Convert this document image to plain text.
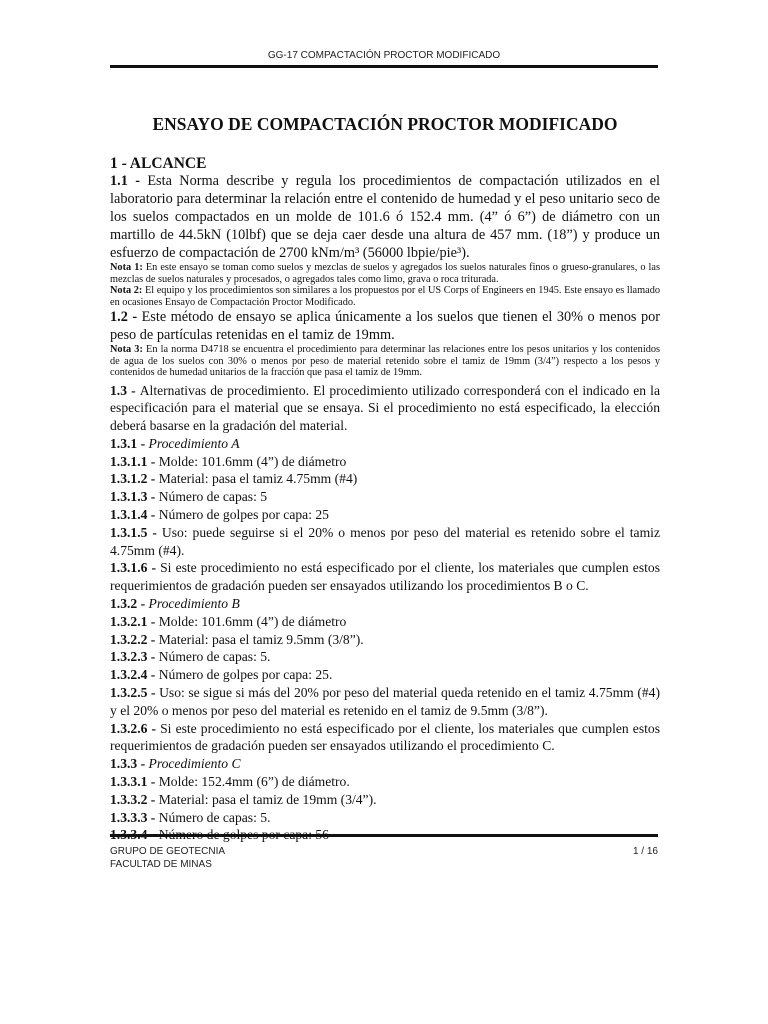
GG-17 COMPACTACIÓN PROCTOR MODIFICADO
ENSAYO DE COMPACTACIÓN PROCTOR MODIFICADO
1 - ALCANCE

1.1 - Esta Norma describe y regula los procedimientos de compactación utilizados en el laboratorio para determinar la relación entre el contenido de humedad y el peso unitario seco de los suelos compactados en un molde de 101.6 ó 152.4 mm. (4” ó 6”) de diámetro con un martillo de 44.5kN (10lbf) que se deja caer desde una altura de 457 mm. (18”) y produce un esfuerzo de compactación de 2700 kNm/m³ (56000 lbpie/pie³).

Nota 1: En este ensayo se toman como suelos y mezclas de suelos y agregados los suelos naturales finos o grueso-granulares, o las mezclas de suelos naturales y procesados, o agregados tales como limo, grava o roca triturada.

Nota 2: El equipo y los procedimientos son similares a los propuestos por el US Corps of Engineers en 1945. Este ensayo es llamado en ocasiones Ensayo de Compactación Proctor Modificado.

1.2 - Este método de ensayo se aplica únicamente a los suelos que tienen el 30% o menos por peso de partículas retenidas en el tamiz de 19mm.

Nota 3: En la norma D4718 se encuentra el procedimiento para determinar las relaciones entre los pesos unitarios y los contenidos de agua de los suelos con 30% o menos por peso de material retenido sobre el tamiz de 19mm (3/4”) respecto a los pesos y contenidos de humedad unitarios de la fracción que pasa el tamiz de 19mm.

1.3 - Alternativas de procedimiento. El procedimiento utilizado corresponderá con el indicado en la especificación para el material que se ensaya. Si el procedimiento no está especificado, la elección deberá basarse en la gradación del material.

1.3.1 - Procedimiento A

1.3.1.1 - Molde: 101.6mm (4”) de diámetro

1.3.1.2 - Material: pasa el tamiz 4.75mm (#4)

1.3.1.3 - Número de capas: 5

1.3.1.4 - Número de golpes por capa: 25

1.3.1.5 - Uso: puede seguirse si el 20% o menos por peso del material es retenido sobre el tamiz 4.75mm (#4).

1.3.1.6 - Si este procedimiento no está especificado por el cliente, los materiales que cumplen estos requerimientos de gradación pueden ser ensayados utilizando los procedimientos B o C.

1.3.2 - Procedimiento B

1.3.2.1 - Molde: 101.6mm (4”) de diámetro

1.3.2.2 - Material: pasa el tamiz 9.5mm (3/8”).

1.3.2.3 - Número de capas: 5.

1.3.2.4 - Número de golpes por capa: 25.

1.3.2.5 - Uso: se sigue si más del 20% por peso del material queda retenido en el tamiz 4.75mm (#4) y el 20% o menos por peso del material es retenido en el tamiz de 9.5mm (3/8”).

1.3.2.6 - Si este procedimiento no está especificado por el cliente, los materiales que cumplen estos requerimientos de gradación pueden ser ensayados utilizando el procedimiento C.

1.3.3 - Procedimiento C

1.3.3.1 - Molde: 152.4mm (6”) de diámetro.

1.3.3.2 - Material: pasa el tamiz de 19mm (3/4”).

1.3.3.3 - Número de capas: 5.

GRUPO DE GEOTECNIA
FACULTAD DE MINAS
1 / 16
